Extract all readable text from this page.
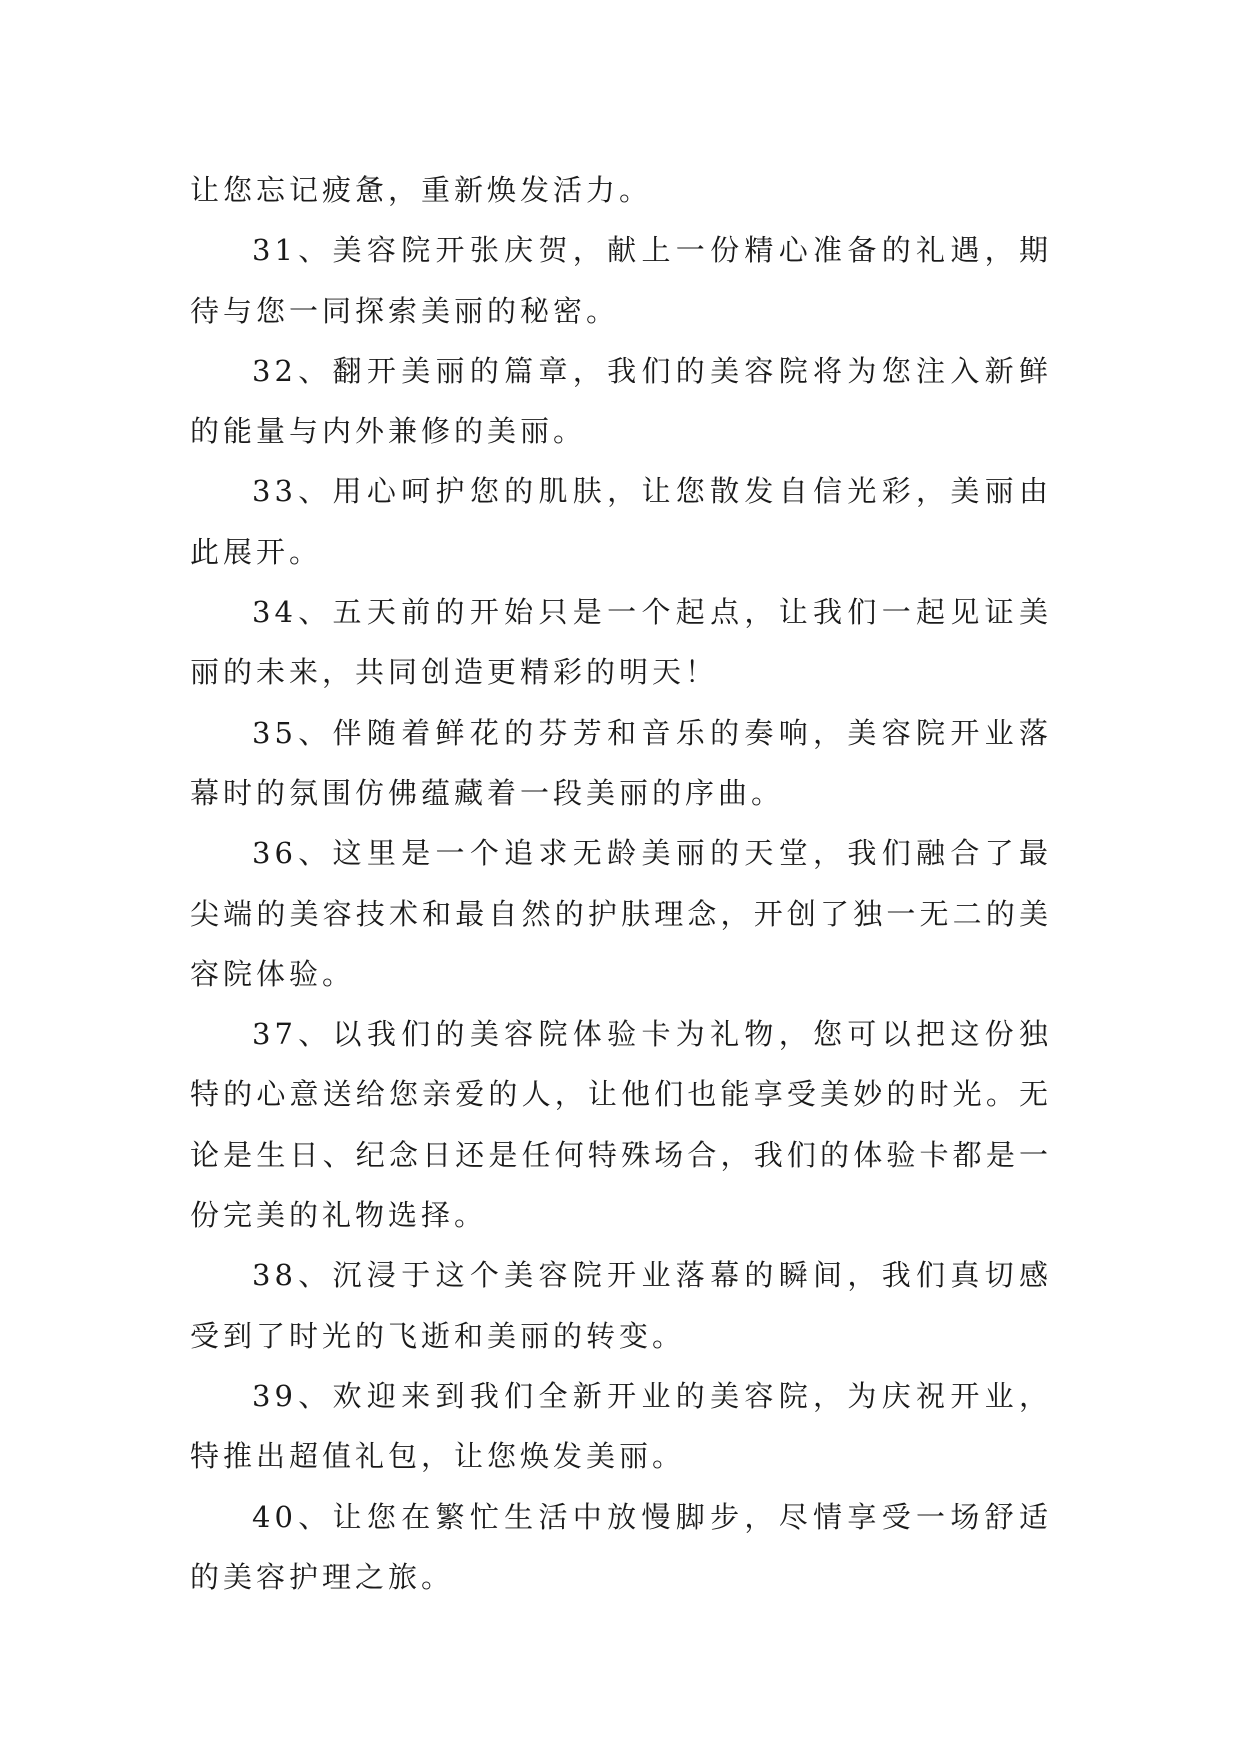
让您忘记疲惫，重新焕发活力。

31、美容院开张庆贺，献上一份精心准备的礼遇，期待与您一同探索美丽的秘密。

32、翻开美丽的篇章，我们的美容院将为您注入新鲜的能量与内外兼修的美丽。

33、用心呵护您的肌肤，让您散发自信光彩，美丽由此展开。

34、五天前的开始只是一个起点，让我们一起见证美丽的未来，共同创造更精彩的明天！

35、伴随着鲜花的芬芳和音乐的奏响，美容院开业落幕时的氛围仿佛蕴藏着一段美丽的序曲。

36、这里是一个追求无龄美丽的天堂，我们融合了最尖端的美容技术和最自然的护肤理念，开创了独一无二的美容院体验。

37、以我们的美容院体验卡为礼物，您可以把这份独特的心意送给您亲爱的人，让他们也能享受美妙的时光。无论是生日、纪念日还是任何特殊场合，我们的体验卡都是一份完美的礼物选择。

38、沉浸于这个美容院开业落幕的瞬间，我们真切感受到了时光的飞逝和美丽的转变。

39、欢迎来到我们全新开业的美容院，为庆祝开业，特推出超值礼包，让您焕发美丽。

40、让您在繁忙生活中放慢脚步，尽情享受一场舒适的美容护理之旅。
